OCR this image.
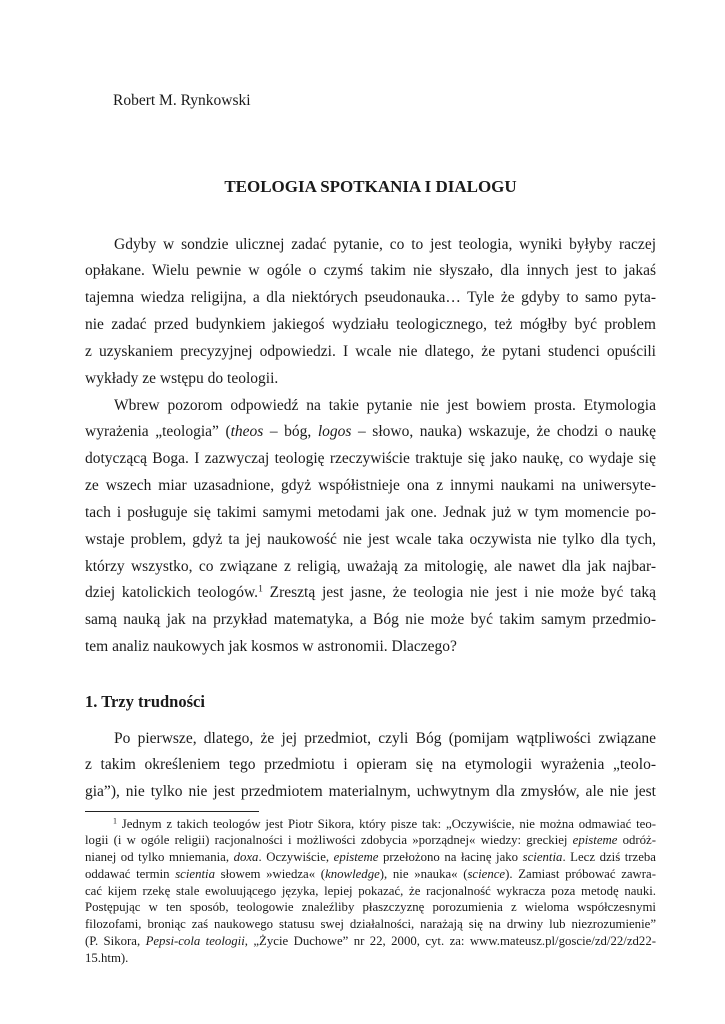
Robert M. Rynkowski
TEOLOGIA SPOTKANIA I DIALOGU
Gdyby w sondzie ulicznej zadać pytanie, co to jest teologia, wyniki byłyby raczej
opłakane. Wielu pewnie w ogóle o czymś takim nie słyszało, dla innych jest to jakaś
tajemna wiedza religijna, a dla niektórych pseudonauka… Tyle że gdyby to samo pyta-
nie zadać przed budynkiem jakiegoś wydziału teologicznego, też mógłby być problem
z uzyskaniem precyzyjnej odpowiedzi. I wcale nie dlatego, że pytani studenci opuścili
wykłady ze wstępu do teologii.
Wbrew pozorom odpowiedź na takie pytanie nie jest bowiem prosta. Etymologia
wyrażenia „teologia” (theos – bóg, logos – słowo, nauka) wskazuje, że chodzi o naukę
dotyczącą Boga. I zazwyczaj teologię rzeczywiście traktuje się jako naukę, co wydaje się
ze wszech miar uzasadnione, gdyż współistnieje ona z innymi naukami na uniwersyte-
tach i posługuje się takimi samymi metodami jak one. Jednak już w tym momencie po-
wstaje problem, gdyż ta jej naukowość nie jest wcale taka oczywista nie tylko dla tych,
którzy wszystko, co związane z religią, uważają za mitologię, ale nawet dla jak najbar-
dziej katolickich teologów.$^1$ Zresztą jest jasne, że teologia nie jest i nie może być taką
samą nauką jak na przykład matematyka, a Bóg nie może być takim samym przedmio-
tem analiz naukowych jak kosmos w astronomii. Dlaczego?
1. Trzy trudności
Po pierwsze, dlatego, że jej przedmiot, czyli Bóg (pomijam wątpliwości związane
z takim określeniem tego przedmiotu i opieram się na etymologii wyrażenia „teolo-
gia”), nie tylko nie jest przedmiotem materialnym, uchwytnym dla zmysłów, ale nie jest
$^1$ Jednym z takich teologów jest Piotr Sikora, który pisze tak: „Oczywiście, nie można odmawiać teo-
logii (i w ogóle religii) racjonalności i możliwości zdobycia »porządnej« wiedzy: greckiej episteme odróż-
nianej od tylko mniemania, doxa. Oczywiście, episteme przełożono na łacinę jako scientia. Lecz dziś trzeba
oddawać termin scientia słowem »wiedza« (knowledge), nie »nauka« (science). Zamiast próbować zawra-
cać kijem rzekę stale ewoluującego języka, lepiej pokazać, że racjonalność wykracza poza metodę nauki.
Postępując w ten sposób, teologowie znaleźliby płaszczyznę porozumienia z wieloma współczesnymi
filozofami, broniąc zaś naukowego statusu swej działalności, narażają się na drwiny lub niezrozumienie”
(P. Sikora, Pepsi-cola teologii, „Życie Duchowe” nr 22, 2000, cyt. za: www.mateusz.pl/goscie/zd/22/zd22-
15.htm).
